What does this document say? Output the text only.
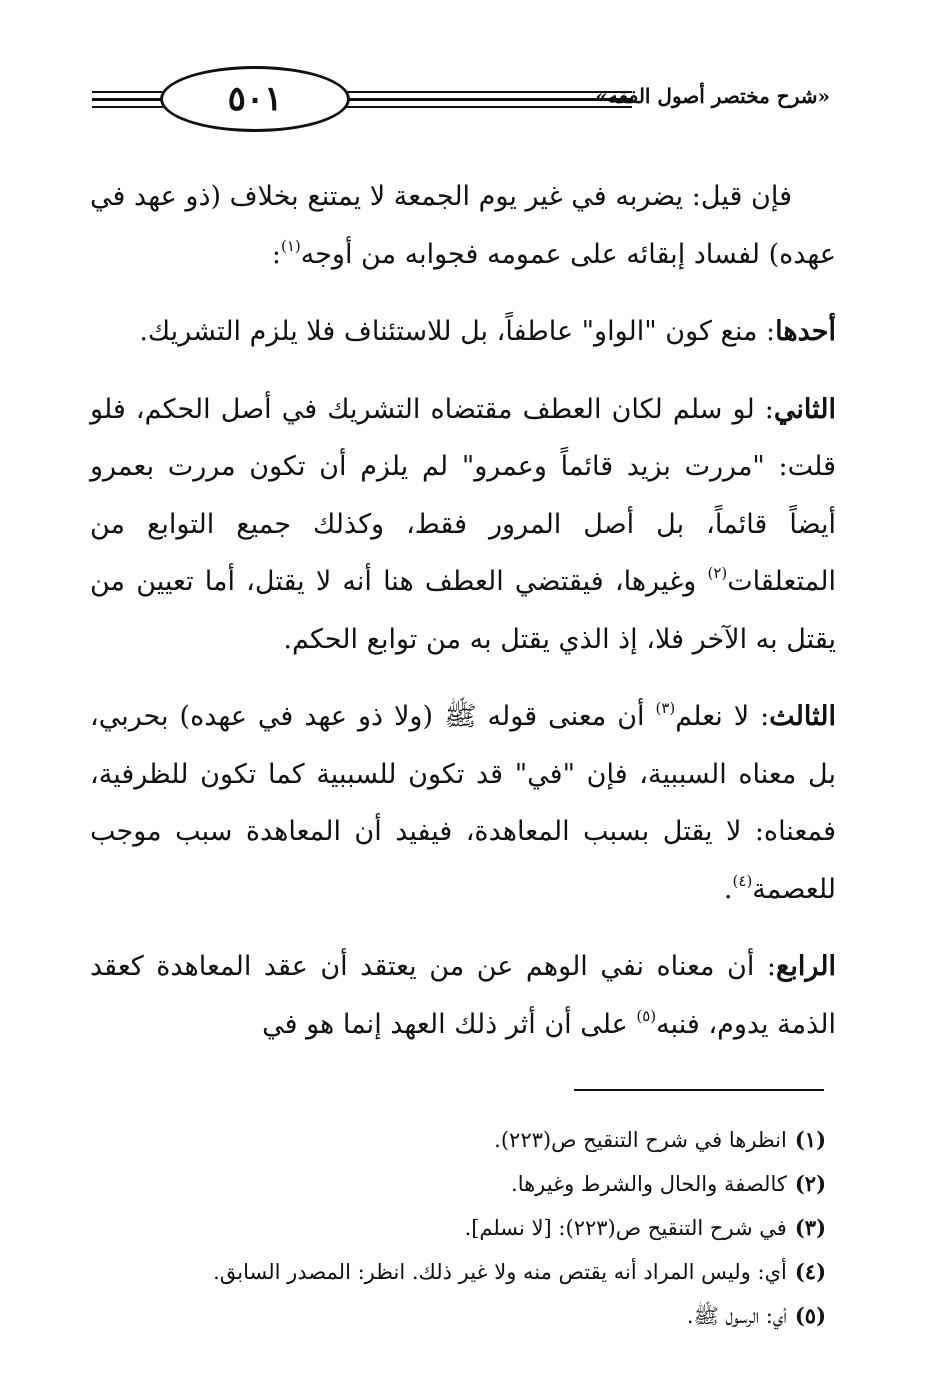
«شرح مختصر أصول الفقه»
٥٠١

فإن قيل: يضربه في غير يوم الجمعة لا يمتنع بخلاف (ذو عهد في عهده) لفساد إبقائه على عمومه فجوابه من أوجه$^{(١)}$:

أحدها: منع كون "الواو" عاطفاً، بل للاستئناف فلا يلزم التشريك.

الثاني: لو سلم لكان العطف مقتضاه التشريك في أصل الحكم، فلو قلت: "مررت بزيد قائماً وعمرو" لم يلزم أن تكون مررت بعمرو أيضاً قائماً، بل أصل المرور فقط، وكذلك جميع التوابع من المتعلقات$^{(٢)}$ وغيرها، فيقتضي العطف هنا أنه لا يقتل، أما تعيين من يقتل به الآخر فلا، إذ الذي يقتل به من توابع الحكم.

الثالث: لا نعلم$^{(٣)}$ أن معنى قوله ﷺ (ولا ذو عهد في عهده) بحربي، بل معناه السببية، فإن "في" قد تكون للسببية كما تكون للظرفية، فمعناه: لا يقتل بسبب المعاهدة، فيفيد أن المعاهدة سبب موجب للعصمة$^{(٤)}$.

الرابع: أن معناه نفي الوهم عن من يعتقد أن عقد المعاهدة كعقد الذمة يدوم، فنبه$^{(٥)}$ على أن أثر ذلك العهد إنما هو في

(١)انظرها في شرح التنقيح ص(٢٢٣).
(٢)كالصفة والحال والشرط وغيرها.
(٣)في شرح التنقيح ص(٢٢٣): [لا نسلم].
(٤)أي: وليس المراد أنه يقتص منه ولا غير ذلك. انظر: المصدر السابق.
(٥)أي: الرسول ﷺ.
